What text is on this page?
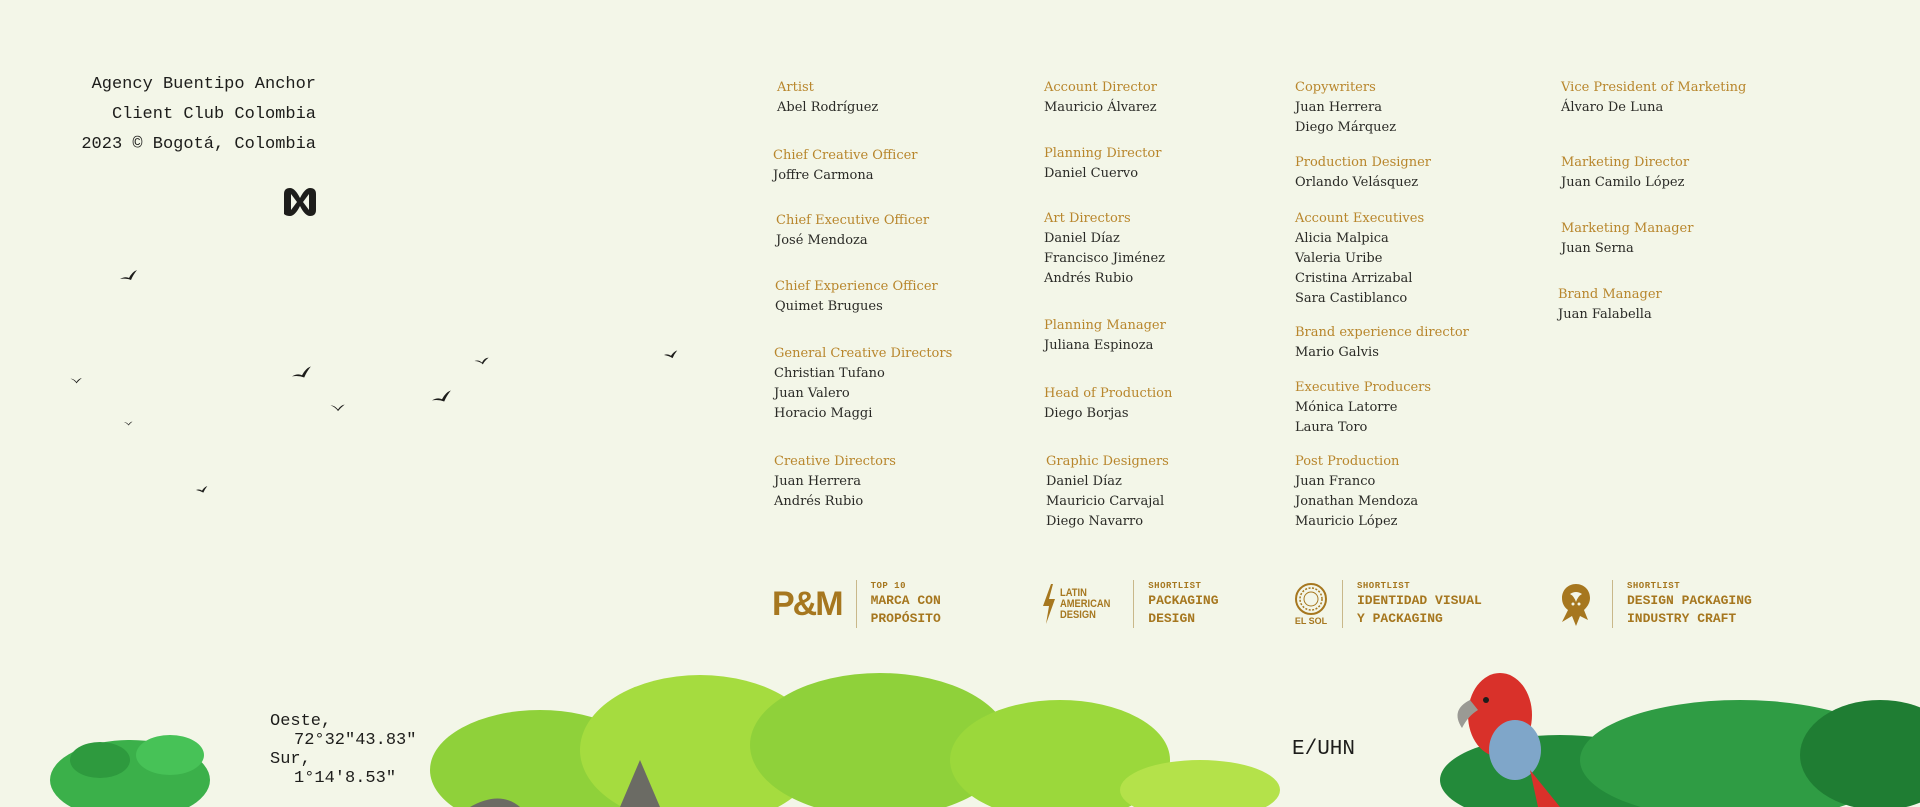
Agency Buentipo Anchor
Client Club Colombia
2023 © Bogotá, Colombia
Artist
Abel Rodríguez
Chief Creative Officer
Joffre Carmona
Chief Executive Officer
José Mendoza
Chief Experience Officer
Quimet Brugues
General Creative Directors
Christian Tufano
Juan Valero
Horacio Maggi
Creative Directors
Juan Herrera
Andrés Rubio
Account Director
Mauricio Álvarez
Planning Director
Daniel Cuervo
Art Directors
Daniel Díaz
Francisco Jiménez
Andrés Rubio
Planning Manager
Juliana Espinoza
Head of Production
Diego Borjas
Graphic Designers
Daniel Díaz
Mauricio Carvajal
Diego Navarro
Copywriters
Juan Herrera
Diego Márquez
Production Designer
Orlando Velásquez
Account Executives
Alicia Malpica
Valeria Uribe
Cristina Arrizabal
Sara Castiblanco
Brand experience director
Mario Galvis
Executive Producers
Mónica Latorre
Laura Toro
Post Production
Juan Franco
Jonathan Mendoza
Mauricio López
Vice President of Marketing
Álvaro De Luna
Marketing Director
Juan Camilo López
Marketing Manager
Juan Serna
Brand Manager
Juan Falabella
P&M	TOP 10
MARCA CON
PROPÓSITO
LATIN
AMERICAN
DESIGN
SHORTLIST
PACKAGING
DESIGN	EL SOL
SHORTLIST
IDENTIDAD VISUAL
Y PACKAGING
SHORTLIST
DESIGN PACKAGING
INDUSTRY CRAFT
Oeste,
72°32"43.83"
Sur,
1°14'8.53"
E/UHN
